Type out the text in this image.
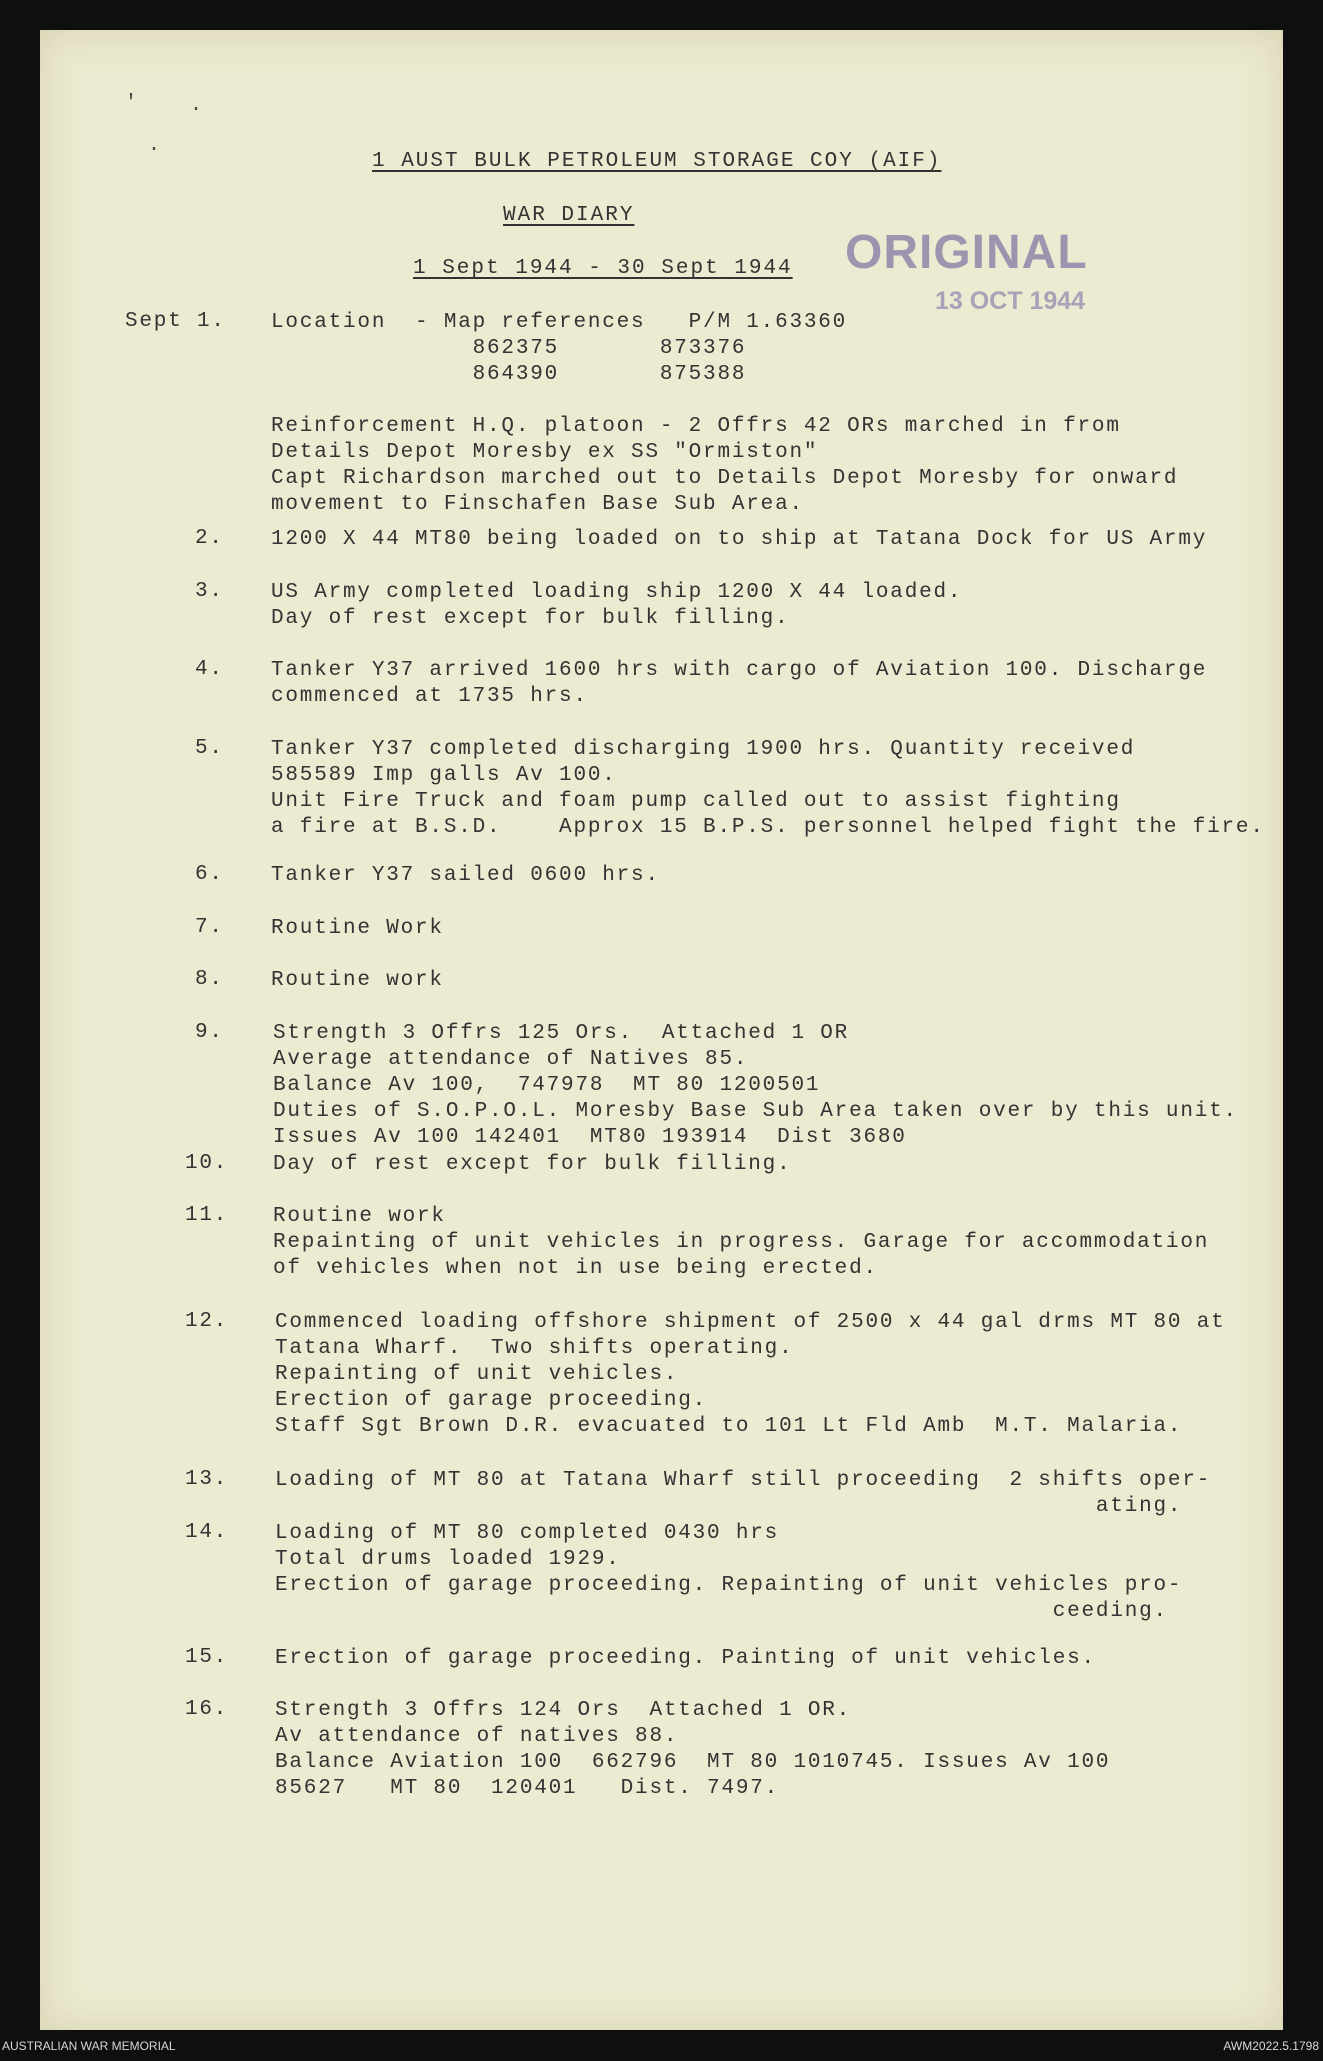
'	·
·
1 AUST BULK PETROLEUM STORAGE COY (AIF)
WAR DIARY
1 Sept 1944 - 30 Sept 1944 ORIGINAL
13 OCT 1944
Sept 1. Location  - Map references   P/M 1.63360
862375       873376
864390       875388
Reinforcement H.Q. platoon - 2 Offrs 42 ORs marched in from
Details Depot Moresby ex SS "Ormiston"
Capt Richardson marched out to Details Depot Moresby for onward
movement to Finschafen Base Sub Area.
2. 1200 X 44 MT80 being loaded on to ship at Tatana Dock for US Army
3. US Army completed loading ship 1200 X 44 loaded.
Day of rest except for bulk filling.
4. Tanker Y37 arrived 1600 hrs with cargo of Aviation 100. Discharge
commenced at 1735 hrs.
5. Tanker Y37 completed discharging 1900 hrs. Quantity received
585589 Imp galls Av 100.
Unit Fire Truck and foam pump called out to assist fighting
a fire at B.S.D.    Approx 15 B.P.S. personnel helped fight the fire.
6. Tanker Y37 sailed 0600 hrs.
7. Routine Work
8. Routine work
9. Strength 3 Offrs 125 Ors.  Attached 1 OR
Average attendance of Natives 85.
Balance Av 100,  747978  MT 80 1200501
Duties of S.O.P.O.L. Moresby Base Sub Area taken over by this unit.
Issues Av 100 142401  MT80 193914  Dist 3680
10. Day of rest except for bulk filling.
11. Routine work
Repainting of unit vehicles in progress. Garage for accommodation
of vehicles when not in use being erected.
12. Commenced loading offshore shipment of 2500 x 44 gal drms MT 80 at
Tatana Wharf.  Two shifts operating.
Repainting of unit vehicles.
Erection of garage proceeding.
Staff Sgt Brown D.R. evacuated to 101 Lt Fld Amb  M.T. Malaria.
13. Loading of MT 80 at Tatana Wharf still proceeding  2 shifts oper-
ating.
14. Loading of MT 80 completed 0430 hrs
Total drums loaded 1929.
Erection of garage proceeding. Repainting of unit vehicles pro-
ceeding.
15. Erection of garage proceeding. Painting of unit vehicles.
16. Strength 3 Offrs 124 Ors  Attached 1 OR.
Av attendance of natives 88.
Balance Aviation 100  662796  MT 80 1010745. Issues Av 100
85627   MT 80  120401   Dist. 7497.
AUSTRALIAN WAR MEMORIAL	AWM2022.5.1798
